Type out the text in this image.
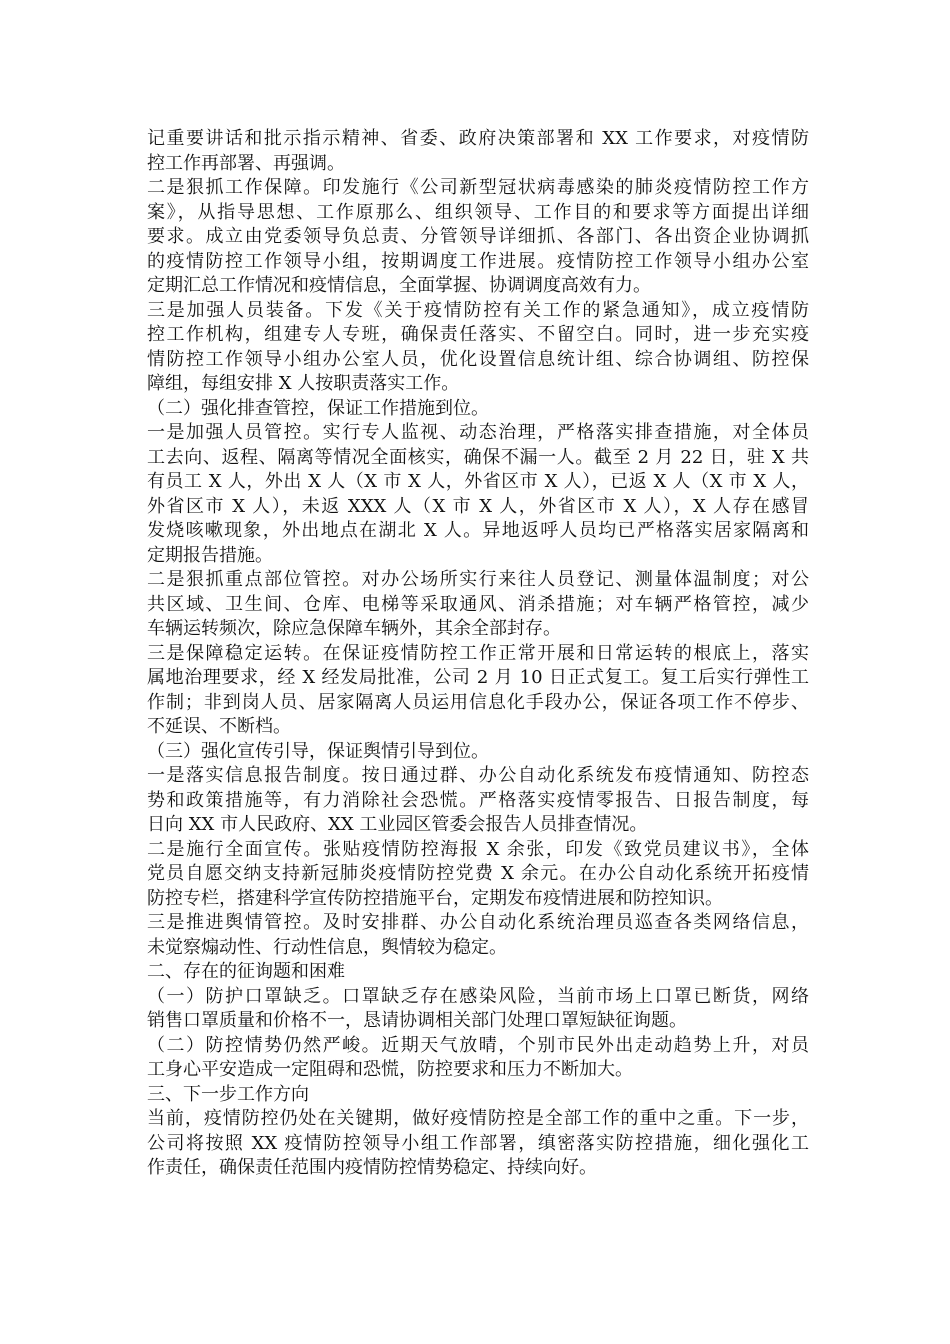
记重要讲话和批示指示精神、省委、政府决策部署和 XX 工作要求，对疫情防
控工作再部署、再强调。
二是狠抓工作保障。印发施行《公司新型冠状病毒感染的肺炎疫情防控工作方
案》，从指导思想、工作原那么、组织领导、工作目的和要求等方面提出详细
要求。成立由党委领导负总责、分管领导详细抓、各部门、各出资企业协调抓
的疫情防控工作领导小组，按期调度工作进展。疫情防控工作领导小组办公室
定期汇总工作情况和疫情信息，全面掌握、协调调度高效有力。
三是加强人员装备。下发《关于疫情防控有关工作的紧急通知》，成立疫情防
控工作机构，组建专人专班，确保责任落实、不留空白。同时，进一步充实疫
情防控工作领导小组办公室人员，优化设置信息统计组、综合协调组、防控保
障组，每组安排 X 人按职责落实工作。
（二）强化排查管控，保证工作措施到位。
一是加强人员管控。实行专人监视、动态治理，严格落实排查措施，对全体员
工去向、返程、隔离等情况全面核实，确保不漏一人。截至 2 月 22 日，驻 X 共
有员工 X 人，外出 X 人（X 市 X 人，外省区市 X 人），已返 X 人（X 市 X 人，
外省区市 X 人），未返 XXX 人（X 市 X 人，外省区市 X 人），X 人存在感冒
发烧咳嗽现象，外出地点在湖北 X 人。异地返呼人员均已严格落实居家隔离和
定期报告措施。
二是狠抓重点部位管控。对办公场所实行来往人员登记、测量体温制度；对公
共区域、卫生间、仓库、电梯等采取通风、消杀措施；对车辆严格管控，减少
车辆运转频次，除应急保障车辆外，其余全部封存。
三是保障稳定运转。在保证疫情防控工作正常开展和日常运转的根底上，落实
属地治理要求，经 X 经发局批准，公司 2 月 10 日正式复工。复工后实行弹性工
作制；非到岗人员、居家隔离人员运用信息化手段办公，保证各项工作不停步、
不延误、不断档。
（三）强化宣传引导，保证舆情引导到位。
一是落实信息报告制度。按日通过群、办公自动化系统发布疫情通知、防控态
势和政策措施等，有力消除社会恐慌。严格落实疫情零报告、日报告制度，每
日向 XX 市人民政府、XX 工业园区管委会报告人员排查情况。
二是施行全面宣传。张贴疫情防控海报 X 余张，印发《致党员建议书》，全体
党员自愿交纳支持新冠肺炎疫情防控党费 X 余元。在办公自动化系统开拓疫情
防控专栏，搭建科学宣传防控措施平台，定期发布疫情进展和防控知识。
三是推进舆情管控。及时安排群、办公自动化系统治理员巡查各类网络信息，
未觉察煽动性、行动性信息，舆情较为稳定。
二、存在的征询题和困难
（一）防护口罩缺乏。口罩缺乏存在感染风险，当前市场上口罩已断货，网络
销售口罩质量和价格不一，恳请协调相关部门处理口罩短缺征询题。
（二）防控情势仍然严峻。近期天气放晴，个别市民外出走动趋势上升，对员
工身心平安造成一定阻碍和恐慌，防控要求和压力不断加大。
三、下一步工作方向
当前，疫情防控仍处在关键期，做好疫情防控是全部工作的重中之重。下一步，
公司将按照 XX 疫情防控领导小组工作部署，缜密落实防控措施，细化强化工
作责任，确保责任范围内疫情防控情势稳定、持续向好。
